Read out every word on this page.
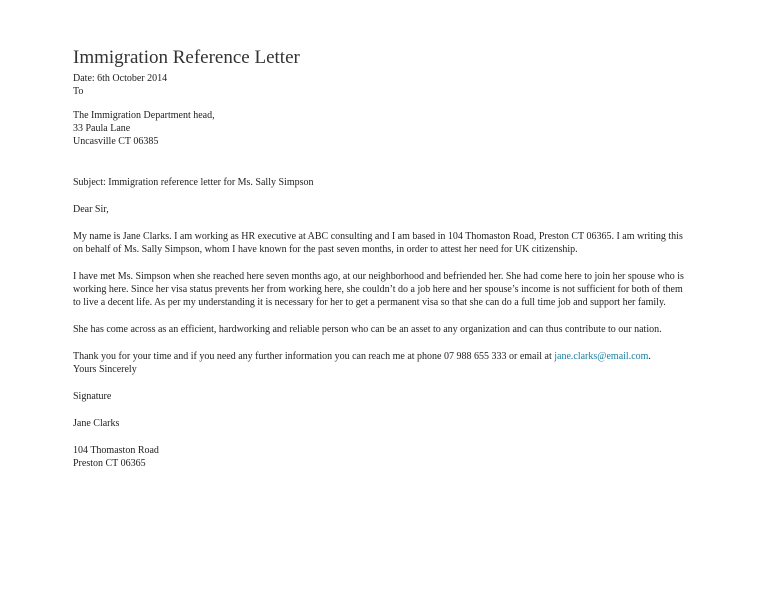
Immigration Reference Letter

Date: 6th October 2014

To

The Immigration Department head,

33 Paula Lane

Uncasville CT 06385

Subject: Immigration reference letter for Ms. Sally Simpson

Dear Sir,

My name is Jane Clarks. I am working as HR executive at ABC consulting and I am based in 104 Thomaston Road, Preston CT 06365. I am writing this on behalf of Ms. Sally Simpson, whom I have known for the past seven months, in order to attest her need for UK citizenship.

I have met Ms. Simpson when she reached here seven months ago, at our neighborhood and befriended her. She had come here to join her spouse who is working here. Since her visa status prevents her from working here, she couldn’t do a job here and her spouse’s income is not sufficient for both of them to live a decent life. As per my understanding it is necessary for her to get a permanent visa so that she can do a full time job and support her family.

She has come across as an efficient, hardworking and reliable person who can be an asset to any organization and can thus contribute to our nation.

Thank you for your time and if you need any further information you can reach me at phone 07 988 655 333 or email at jane.clarks@email.com.

Yours Sincerely

Signature

Jane Clarks

104 Thomaston Road

Preston CT 06365
